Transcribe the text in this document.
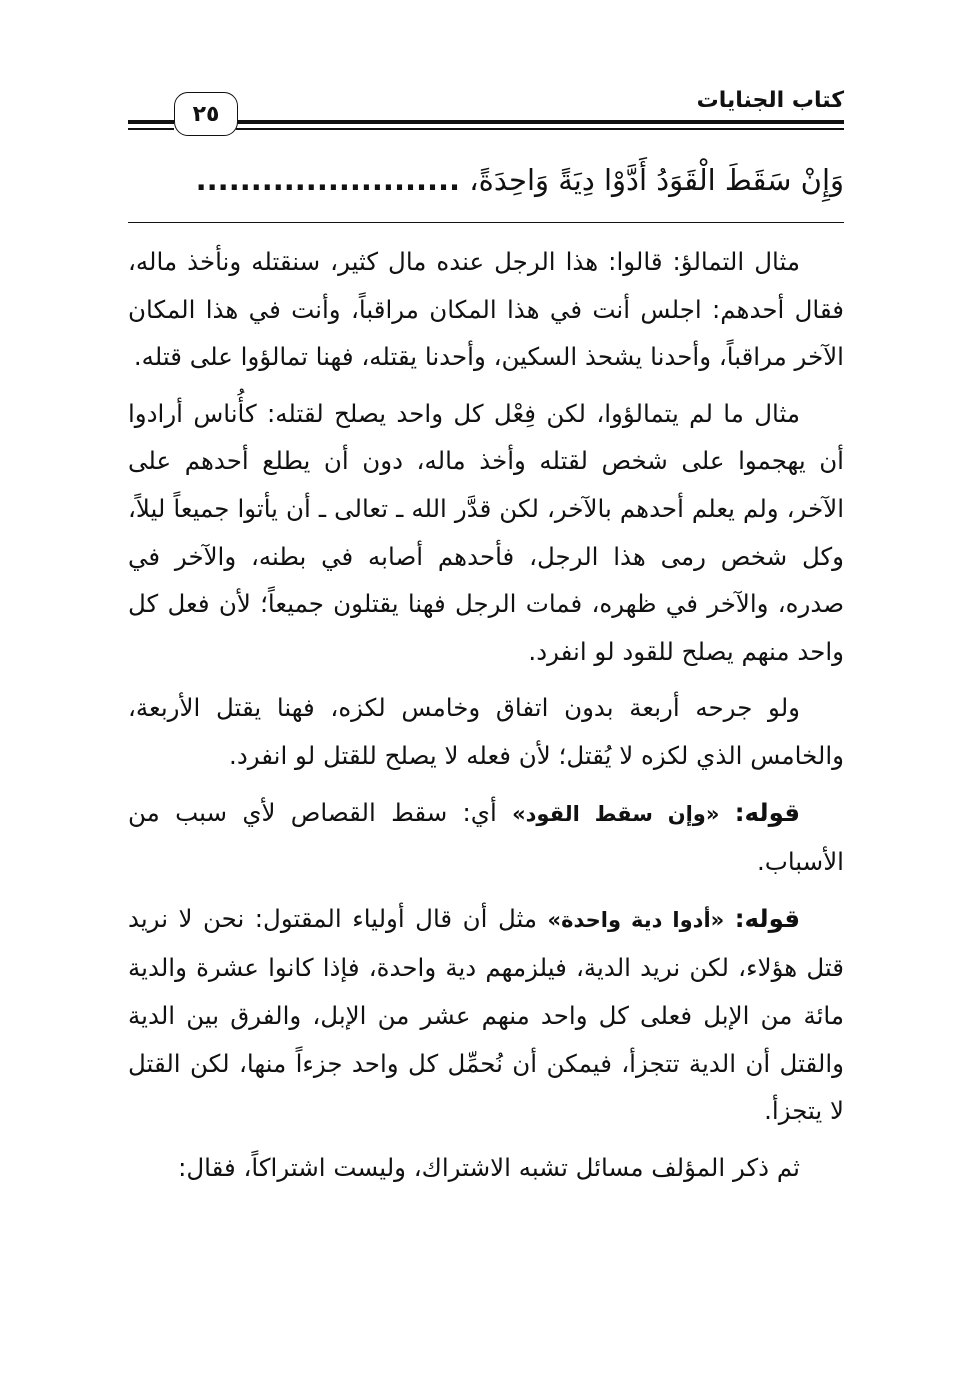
كتاب الجنايات
٢٥
وَإِنْ سَقَطَ الْقَوَدُ أَدَّوْا دِيَةً وَاحِدَةً، ........................

مثال التمالؤ: قالوا: هذا الرجل عنده مال كثير، سنقتله ونأخذ ماله، فقال أحدهم: اجلس أنت في هذا المكان مراقباً، وأنت في هذا المكان الآخر مراقباً، وأحدنا يشحذ السكين، وأحدنا يقتله، فهنا تمالؤوا على قتله.

مثال ما لم يتمالؤوا، لكن فِعْل كل واحد يصلح لقتله: كأُناس أرادوا أن يهجموا على شخص لقتله وأخذ ماله، دون أن يطلع أحدهم على الآخر، ولم يعلم أحدهم بالآخر، لكن قدَّر الله ـ تعالى ـ أن يأتوا جميعاً ليلاً، وكل شخص رمى هذا الرجل، فأحدهم أصابه في بطنه، والآخر في صدره، والآخر في ظهره، فمات الرجل فهنا يقتلون جميعاً؛ لأن فعل كل واحد منهم يصلح للقود لو انفرد.

ولو جرحه أربعة بدون اتفاق وخامس لكزه، فهنا يقتل الأربعة، والخامس الذي لكزه لا يُقتل؛ لأن فعله لا يصلح للقتل لو انفرد.

قوله: «وإن سقط القود» أي: سقط القصاص لأي سبب من الأسباب.

قوله: «أدوا دية واحدة» مثل أن قال أولياء المقتول: نحن لا نريد قتل هؤلاء، لكن نريد الدية، فيلزمهم دية واحدة، فإذا كانوا عشرة والدية مائة من الإبل فعلى كل واحد منهم عشر من الإبل، والفرق بين الدية والقتل أن الدية تتجزأ، فيمكن أن نُحمِّل كل واحد جزءاً منها، لكن القتل لا يتجزأ.

ثم ذكر المؤلف مسائل تشبه الاشتراك، وليست اشتراكاً، فقال:
